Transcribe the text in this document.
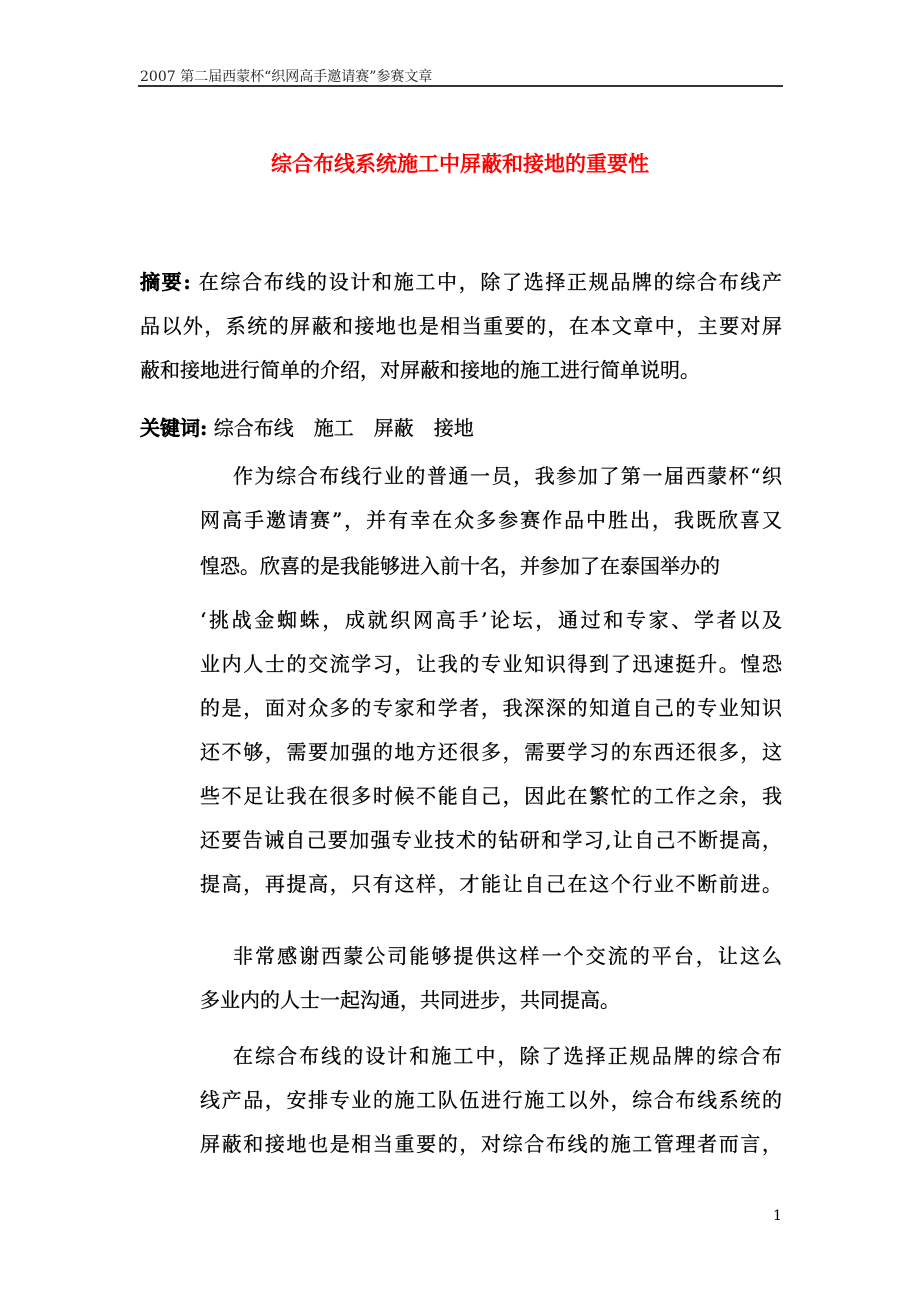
2007 第二届西蒙杯“织网高手邀请赛”参赛文章
综合布线系统施工中屏蔽和接地的重要性
摘要: 在综合布线的设计和施工中，除了选择正规品牌的综合布线产
品以外，系统的屏蔽和接地也是相当重要的，在本文章中，主要对屏
蔽和接地进行简单的介绍，对屏蔽和接地的施工进行简单说明。
关键词: 综合布线　施工　屏蔽　接地
作为综合布线行业的普通一员，我参加了第一届西蒙杯“织
网高手邀请赛”，并有幸在众多参赛作品中胜出，我既欣喜又
惶恐。欣喜的是我能够进入前十名，并参加了在泰国举办的
‘挑战金蜘蛛，成就织网高手’论坛，通过和专家、学者以及
业内人士的交流学习，让我的专业知识得到了迅速挺升。惶恐
的是，面对众多的专家和学者，我深深的知道自己的专业知识
还不够，需要加强的地方还很多，需要学习的东西还很多，这
些不足让我在很多时候不能自己，因此在繁忙的工作之余，我
还要告诫自己要加强专业技术的钻研和学习,让自己不断提高，
提高，再提高，只有这样，才能让自己在这个行业不断前进。
非常感谢西蒙公司能够提供这样一个交流的平台，让这么
多业内的人士一起沟通，共同进步，共同提高。
在综合布线的设计和施工中，除了选择正规品牌的综合布
线产品，安排专业的施工队伍进行施工以外，综合布线系统的
屏蔽和接地也是相当重要的，对综合布线的施工管理者而言，
1
